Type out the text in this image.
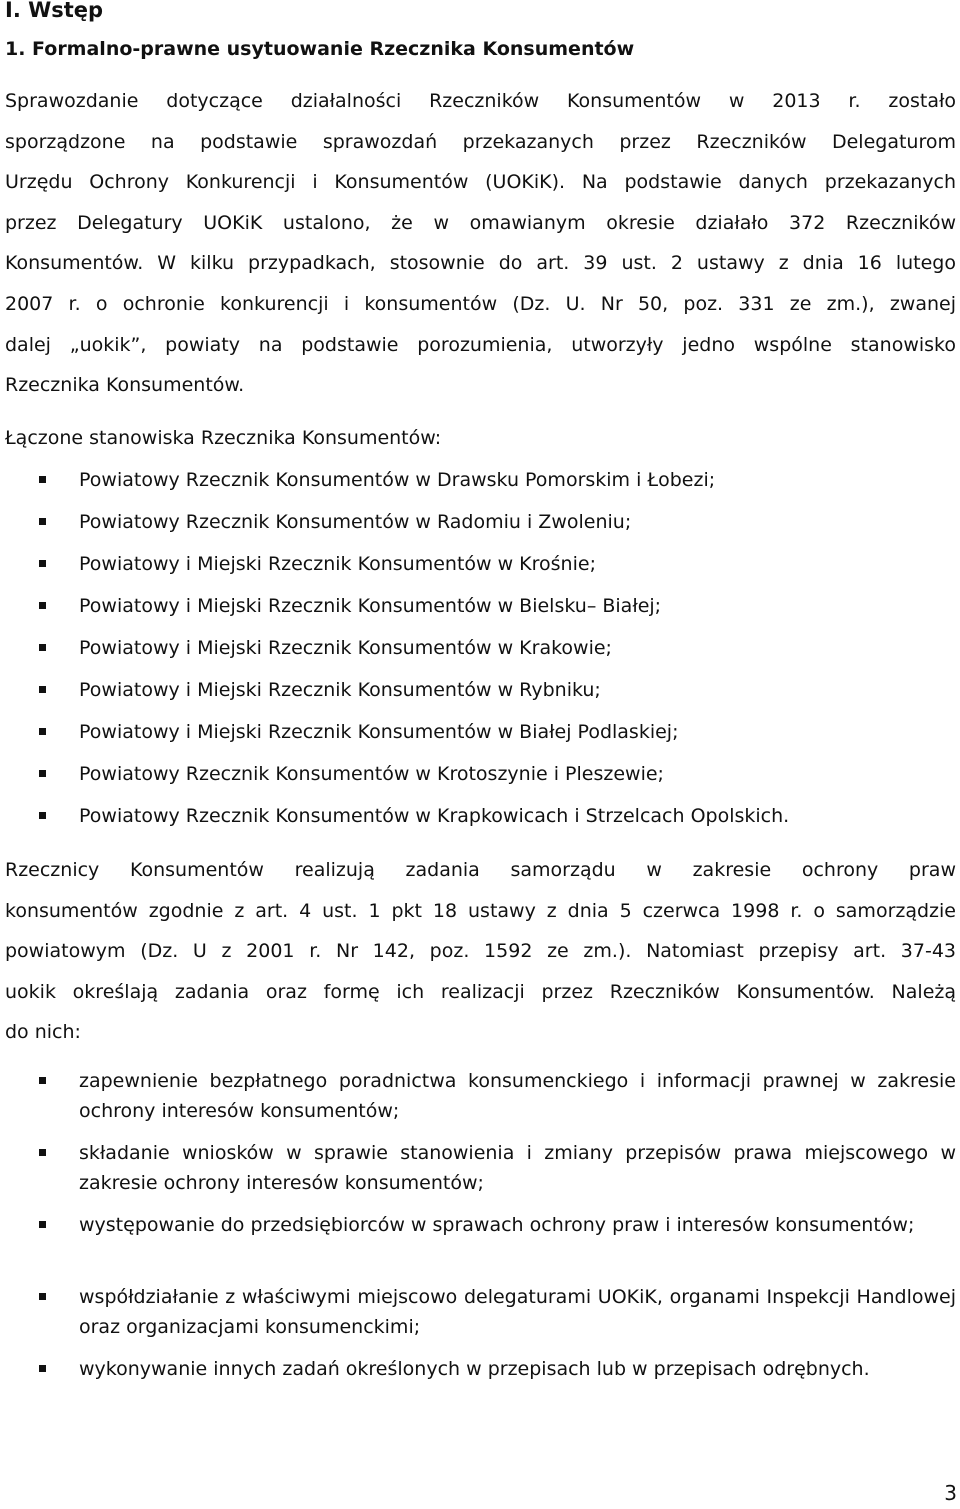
I. Wstęp
1. Formalno-prawne usytuowanie Rzecznika Konsumentów
Sprawozdanie dotyczące działalności Rzeczników Konsumentów w 2013 r. zostało
sporządzone na podstawie sprawozdań przekazanych przez Rzeczników Delegaturom
Urzędu Ochrony Konkurencji i Konsumentów (UOKiK). Na podstawie danych przekazanych
przez Delegatury UOKiK ustalono, że w omawianym okresie działało 372 Rzeczników
Konsumentów. W kilku przypadkach, stosownie do art. 39 ust. 2 ustawy z dnia 16 lutego
2007 r. o ochronie konkurencji i konsumentów (Dz. U. Nr 50, poz. 331 ze zm.), zwanej
dalej „uokik”, powiaty na podstawie porozumienia, utworzyły jedno wspólne stanowisko
Rzecznika Konsumentów.
Łączone stanowiska Rzecznika Konsumentów:
Powiatowy Rzecznik Konsumentów w Drawsku Pomorskim i Łobezi;
Powiatowy Rzecznik Konsumentów w Radomiu i Zwoleniu;
Powiatowy i Miejski Rzecznik Konsumentów w Krośnie;
Powiatowy i Miejski Rzecznik Konsumentów w Bielsku– Białej;
Powiatowy i Miejski Rzecznik Konsumentów w Krakowie;
Powiatowy i Miejski Rzecznik Konsumentów w Rybniku;
Powiatowy i Miejski Rzecznik Konsumentów w Białej Podlaskiej;
Powiatowy Rzecznik Konsumentów w Krotoszynie i Pleszewie;
Powiatowy Rzecznik Konsumentów w Krapkowicach i Strzelcach Opolskich.
Rzecznicy Konsumentów realizują zadania samorządu w zakresie ochrony praw
konsumentów zgodnie z art. 4 ust. 1 pkt 18 ustawy z dnia 5 czerwca 1998 r. o samorządzie
powiatowym (Dz. U z 2001 r. Nr 142, poz. 1592 ze zm.). Natomiast przepisy art. 37-43
uokik określają zadania oraz formę ich realizacji przez Rzeczników Konsumentów. Należą
do nich:
zapewnienie bezpłatnego poradnictwa konsumenckiego i informacji prawnej w zakresie ochrony interesów konsumentów;
składanie wniosków w sprawie stanowienia i zmiany przepisów prawa miejscowego w zakresie ochrony interesów konsumentów;
występowanie do przedsiębiorców w sprawach ochrony praw i interesów konsumentów;
współdziałanie z właściwymi miejscowo delegaturami UOKiK, organami Inspekcji Handlowej oraz organizacjami konsumenckimi;
wykonywanie innych zadań określonych w przepisach lub w przepisach odrębnych.
3
